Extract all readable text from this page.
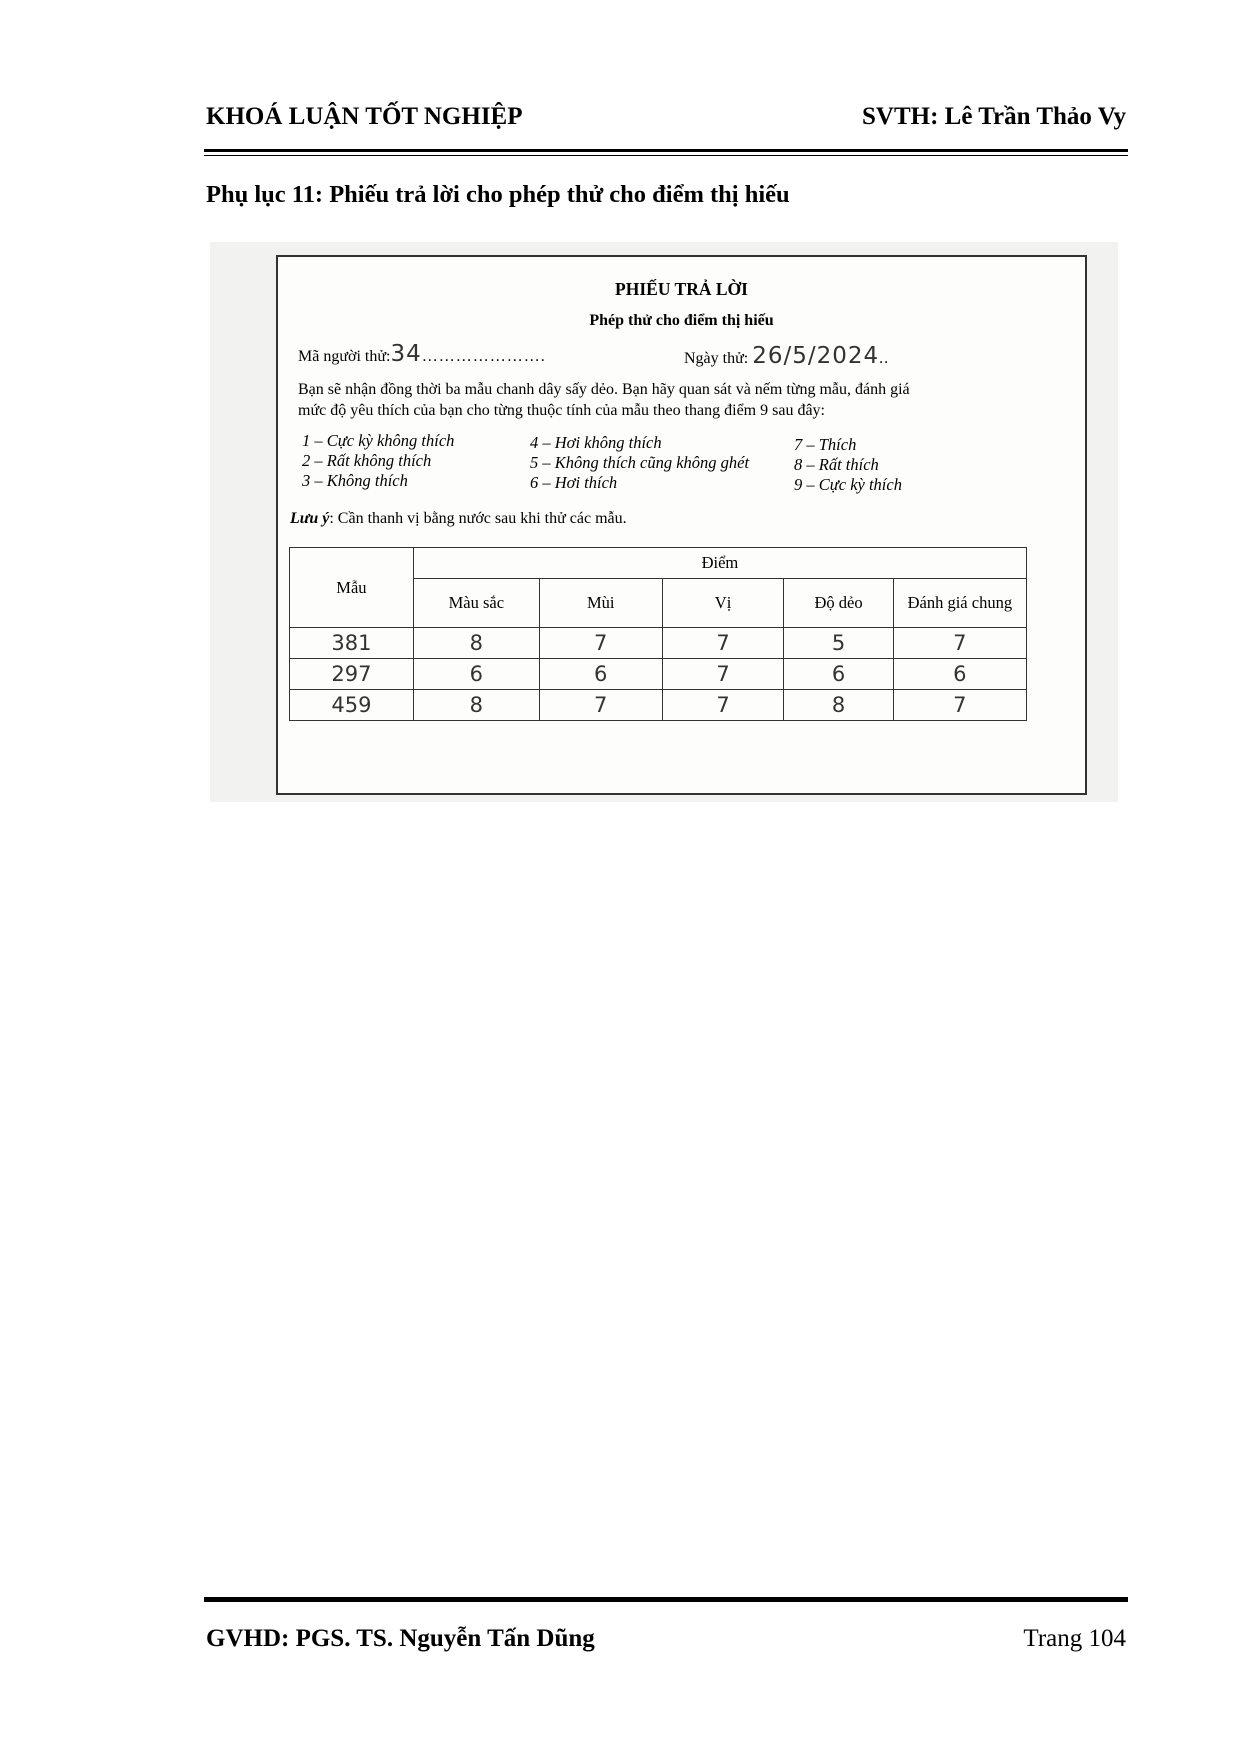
KHOÁ LUẬN TỐT NGHIỆP	SVTH: Lê Trần Thảo Vy
Phụ lục 11: Phiếu trả lời cho phép thử cho điểm thị hiếu
PHIẾU TRẢ LỜI
Phép thử cho điểm thị hiếu
Mã người thử:34………………….	Ngày thử: 26/5/2024..
Bạn sẽ nhận đồng thời ba mẫu chanh dây sấy dẻo. Bạn hãy quan sát và nếm từng mẫu, đánh giá
mức độ yêu thích của bạn cho từng thuộc tính của mẫu theo thang điểm 9 sau đây:
1 – Cực kỳ không thích
2 – Rất không thích
3 – Không thích
4 – Hơi không thích
5 – Không thích cũng không ghét
6 – Hơi thích
7 – Thích
8 – Rất thích
9 – Cực kỳ thích
Lưu ý: Cần thanh vị bằng nước sau khi thử các mẫu.
Mẫu	Điểm				
	Màu sắc	Mùi	Vị	Độ dẻo	Đánh giá chung
381	8	7	7	5	7
297	6	6	7	6	6
459	8	7	7	8	7
GVHD: PGS. TS. Nguyễn Tấn Dũng	Trang 104
